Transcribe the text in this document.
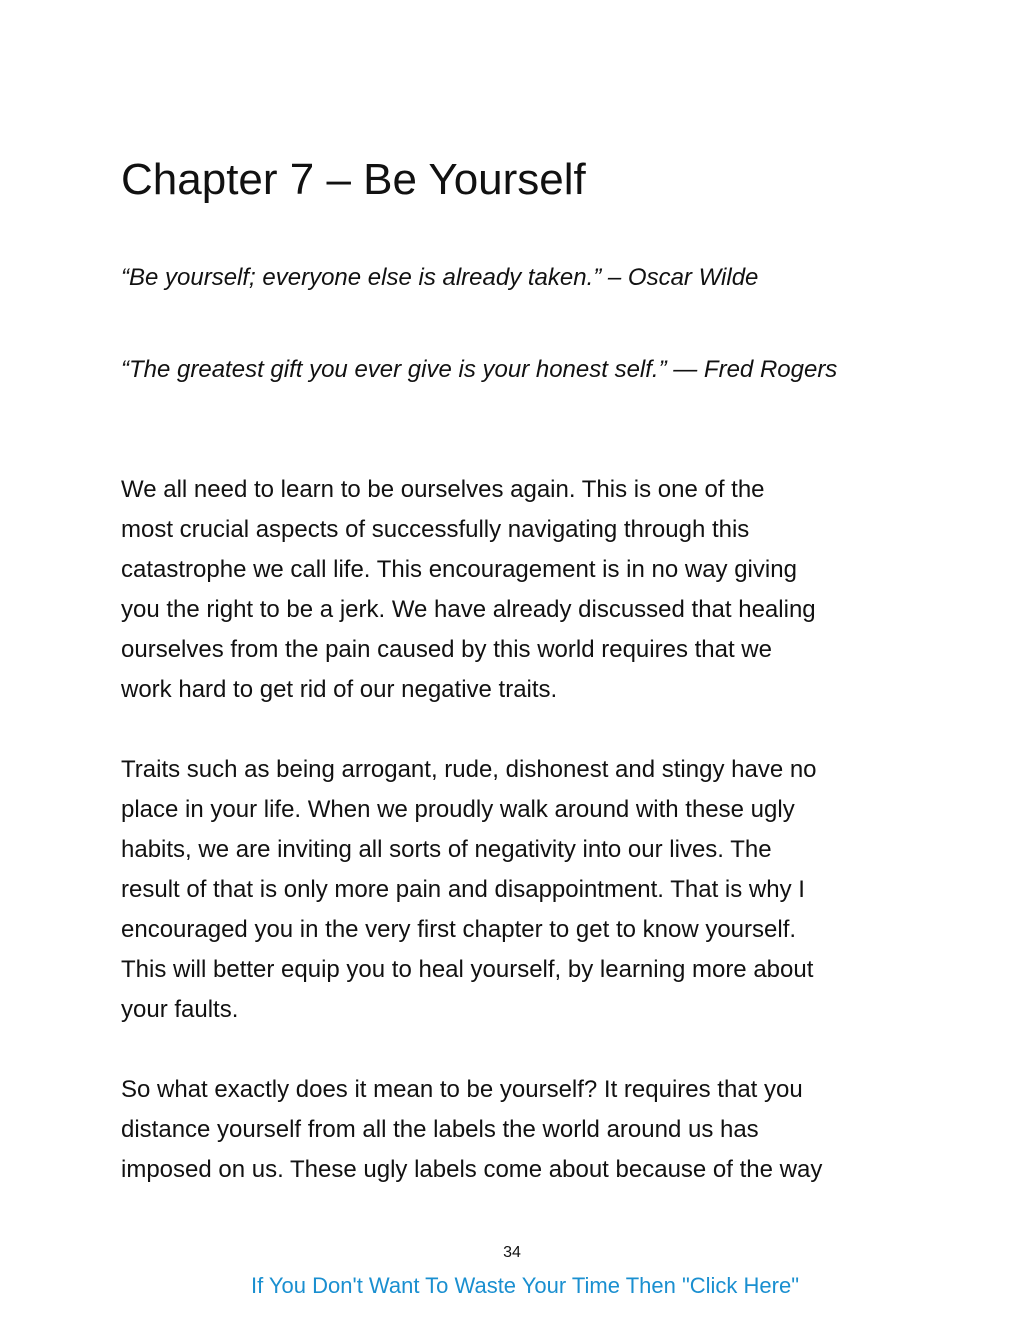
Chapter 7 – Be Yourself

“Be yourself; everyone else is already taken.” – Oscar Wilde

“The greatest gift you ever give is your honest self.” — Fred Rogers

We all need to learn to be ourselves again. This is one of the
most crucial aspects of successfully navigating through this
catastrophe we call life. This encouragement is in no way giving
you the right to be a jerk. We have already discussed that healing
ourselves from the pain caused by this world requires that we
work hard to get rid of our negative traits.
Traits such as being arrogant, rude, dishonest and stingy have no
place in your life. When we proudly walk around with these ugly
habits, we are inviting all sorts of negativity into our lives. The
result of that is only more pain and disappointment. That is why I
encouraged you in the very first chapter to get to know yourself.
This will better equip you to heal yourself, by learning more about
your faults.
So what exactly does it mean to be yourself? It requires that you
distance yourself from all the labels the world around us has
imposed on us. These ugly labels come about because of the way
34
If You Don't Want To Waste Your Time Then "Click Here"
